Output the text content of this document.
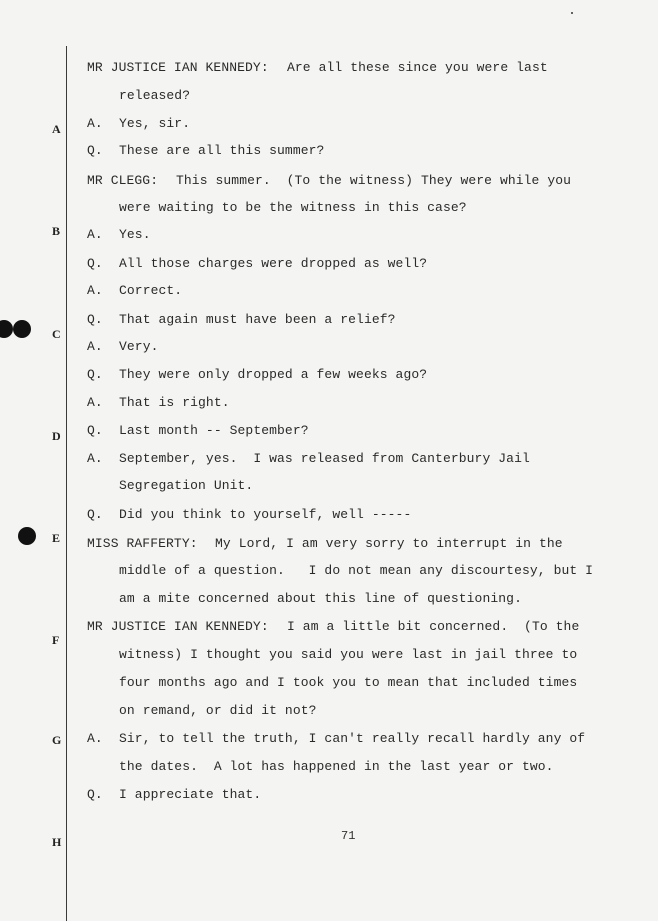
A
B
C
D
E
F
G
H
MR JUSTICE IAN KENNEDY: Are all these since you were last
released?
A. Yes, sir.
Q. These are all this summer?
MR CLEGG: This summer.  (To the witness) They were while you
were waiting to be the witness in this case?
A. Yes.
Q. All those charges were dropped as well?
A. Correct.
Q. That again must have been a relief?
A. Very.
Q. They were only dropped a few weeks ago?
A. That is right.
Q. Last month -- September?
A. September, yes.  I was released from Canterbury Jail
Segregation Unit.
Q. Did you think to yourself, well -----
MISS RAFFERTY: My Lord, I am very sorry to interrupt in the
middle of a question.   I do not mean any discourtesy, but I
am a mite concerned about this line of questioning.
MR JUSTICE IAN KENNEDY: I am a little bit concerned.  (To the
witness) I thought you said you were last in jail three to
four months ago and I took you to mean that included times
on remand, or did it not?
A. Sir, to tell the truth, I can't really recall hardly any of
the dates.  A lot has happened in the last year or two.
Q. I appreciate that.
71
